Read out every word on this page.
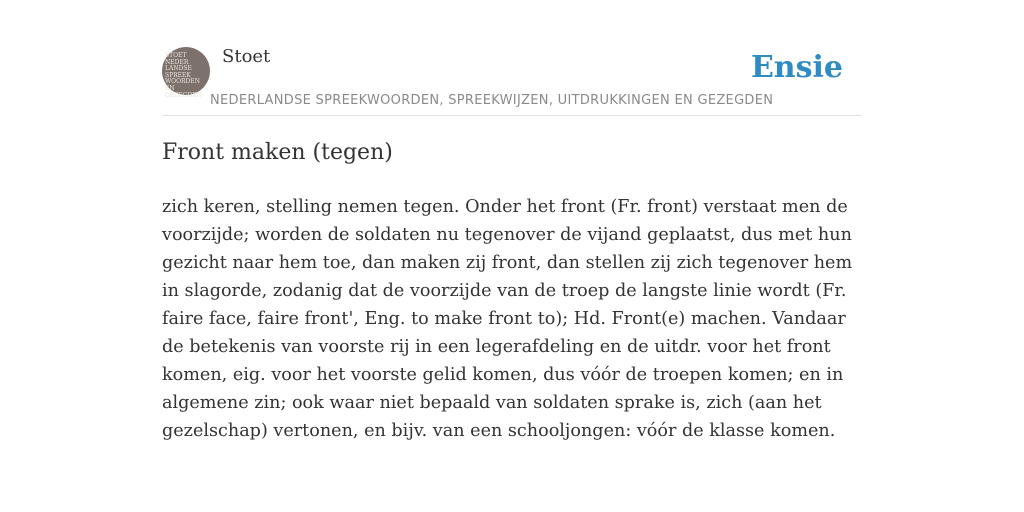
STOET
NEDER
LANDSE
SPREEK
WOORDEN EN
GEZEGDEN
Stoet	Ensie
NEDERLANDSE SPREEKWOORDEN, SPREEKWIJZEN, UITDRUKKINGEN EN GEZEGDEN
Front maken (tegen)

zich keren, stelling nemen tegen. Onder het front (Fr. front) verstaat men de voorzijde; worden de soldaten nu tegenover de vijand geplaatst, dus met hun gezicht naar hem toe, dan maken zij front, dan stellen zij zich tegenover hem in slagorde, zodanig dat de voorzijde van de troep de langste linie wordt (Fr. faire face, faire front', Eng. to make front to); Hd. Front(e) machen. Vandaar de betekenis van voorste rij in een legerafdeling en de uitdr. voor het front komen, eig. voor het voorste gelid komen, dus vóór de troepen komen; en in algemene zin; ook waar niet bepaald van soldaten sprake is, zich (aan het gezelschap) vertonen, en bijv. van een schooljongen: vóór de klasse komen.
